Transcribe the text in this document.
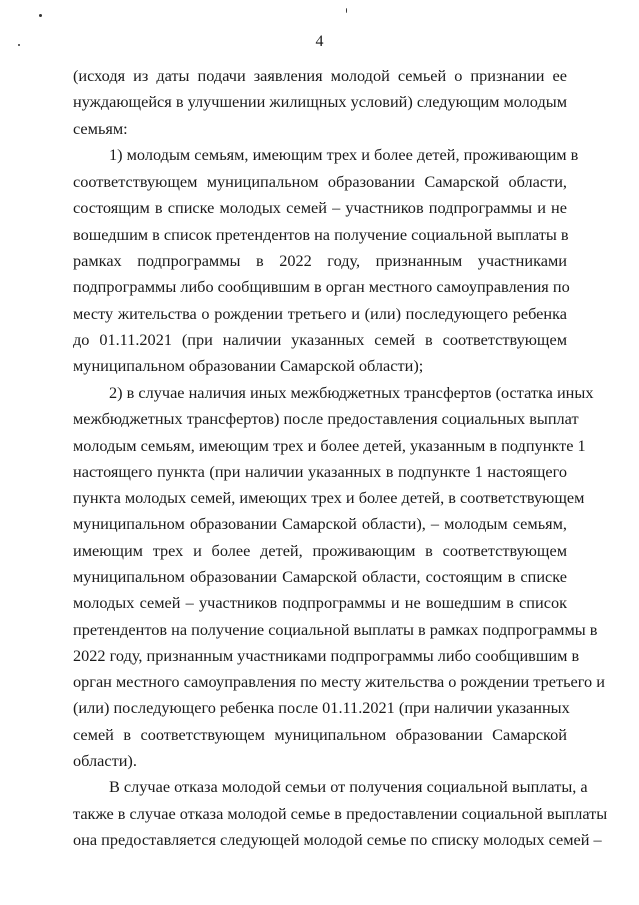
4
(исходя из даты подачи заявления молодой семьей о признании ее
нуждающейся в улучшении жилищных условий) следующим молодым
семьям:
1) молодым семьям, имеющим трех и более детей, проживающим в
соответствующем муниципальном образовании Самарской области,
состоящим в списке молодых семей – участников подпрограммы и не
вошедшим в список претендентов на получение социальной выплаты в
рамках подпрограммы в 2022 году, признанным участниками
подпрограммы либо сообщившим в орган местного самоуправления по
месту жительства о рождении третьего и (или) последующего ребенка
до 01.11.2021 (при наличии указанных семей в соответствующем
муниципальном образовании Самарской области);
2) в случае наличия иных межбюджетных трансфертов (остатка иных
межбюджетных трансфертов) после предоставления социальных выплат
молодым семьям, имеющим трех и более детей, указанным в подпункте 1
настоящего пункта (при наличии указанных в подпункте 1 настоящего
пункта молодых семей, имеющих трех и более детей, в соответствующем
муниципальном образовании Самарской области), – молодым семьям,
имеющим трех и более детей, проживающим в соответствующем
муниципальном образовании Самарской области, состоящим в списке
молодых семей – участников подпрограммы и не вошедшим в список
претендентов на получение социальной выплаты в рамках подпрограммы в
2022 году, признанным участниками подпрограммы либо сообщившим в
орган местного самоуправления по месту жительства о рождении третьего и
(или) последующего ребенка после 01.11.2021 (при наличии указанных
семей в соответствующем муниципальном образовании Самарской
области).
В случае отказа молодой семьи от получения социальной выплаты, а
также в случае отказа молодой семье в предоставлении социальной выплаты
она предоставляется следующей молодой семье по списку молодых семей –
